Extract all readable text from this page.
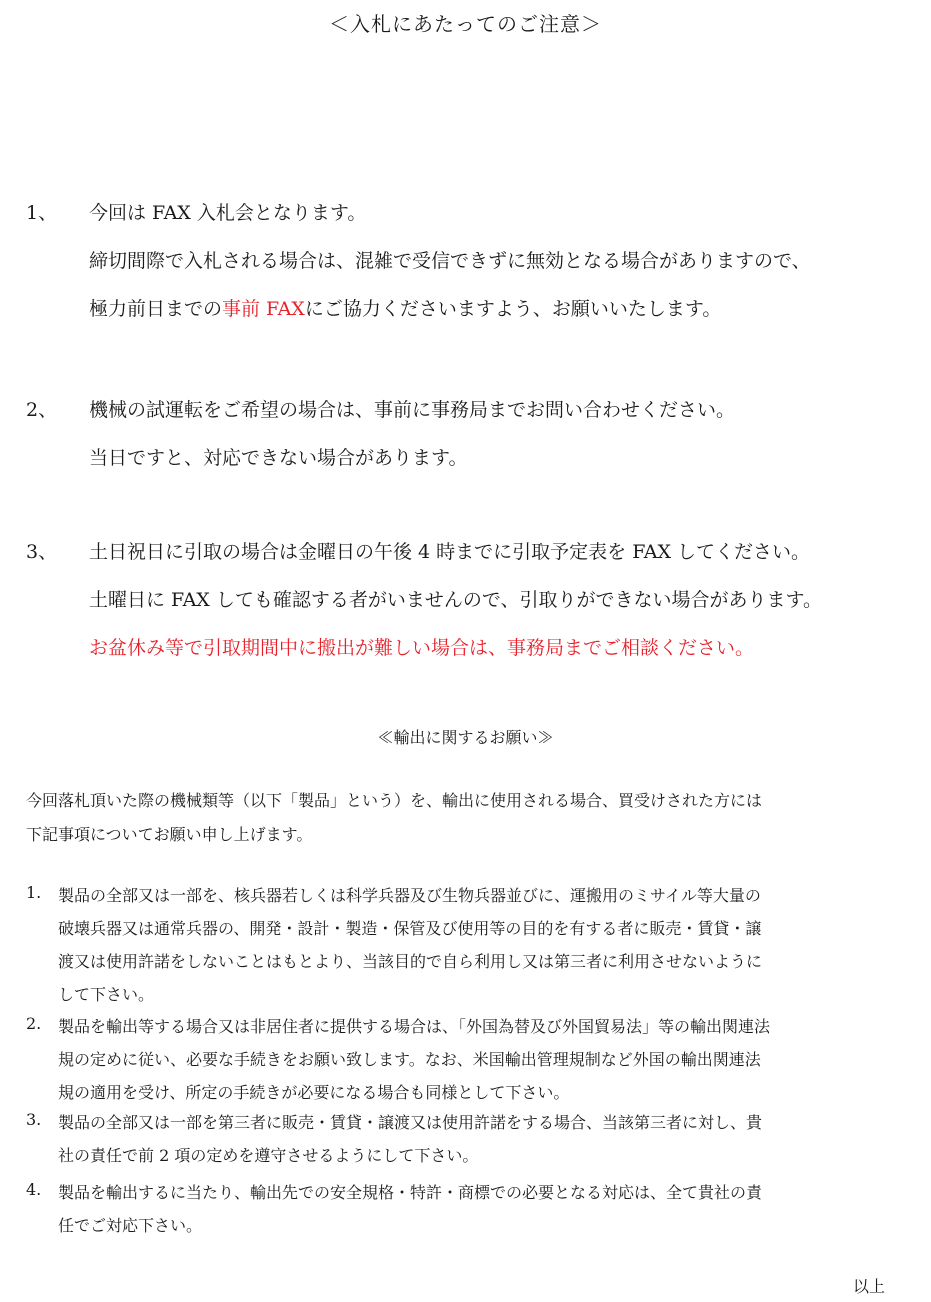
＜入札にあたってのご注意＞
1、 今回は FAX 入札会となります。
締切間際で入札される場合は、混雑で受信できずに無効となる場合がありますので、
極力前日までの事前 FAXにご協力くださいますよう、お願いいたします。
2、 機械の試運転をご希望の場合は、事前に事務局までお問い合わせください。
当日ですと、対応できない場合があります。
3、 土日祝日に引取の場合は金曜日の午後 4 時までに引取予定表を FAX してください。
土曜日に FAX しても確認する者がいませんので、引取りができない場合があります。
お盆休み等で引取期間中に搬出が難しい場合は、事務局までご相談ください。
≪輸出に関するお願い≫
今回落札頂いた際の機械類等（以下「製品」という）を、輸出に使用される場合、買受けされた方には
下記事項についてお願い申し上げます。
1. 製品の全部又は一部を、核兵器若しくは科学兵器及び生物兵器並びに、運搬用のミサイル等大量の
破壊兵器又は通常兵器の、開発・設計・製造・保管及び使用等の目的を有する者に販売・賃貸・譲
渡又は使用許諾をしないことはもとより、当該目的で自ら利用し又は第三者に利用させないように
して下さい。
2. 製品を輸出等する場合又は非居住者に提供する場合は、「外国為替及び外国貿易法」等の輸出関連法
規の定めに従い、必要な手続きをお願い致します。なお、米国輸出管理規制など外国の輸出関連法
規の適用を受け、所定の手続きが必要になる場合も同様として下さい。
3. 製品の全部又は一部を第三者に販売・賃貸・譲渡又は使用許諾をする場合、当該第三者に対し、貴
社の責任で前 2 項の定めを遵守させるようにして下さい。
4. 製品を輸出するに当たり、輸出先での安全規格・特許・商標での必要となる対応は、全て貴社の責
任でご対応下さい。
以上
